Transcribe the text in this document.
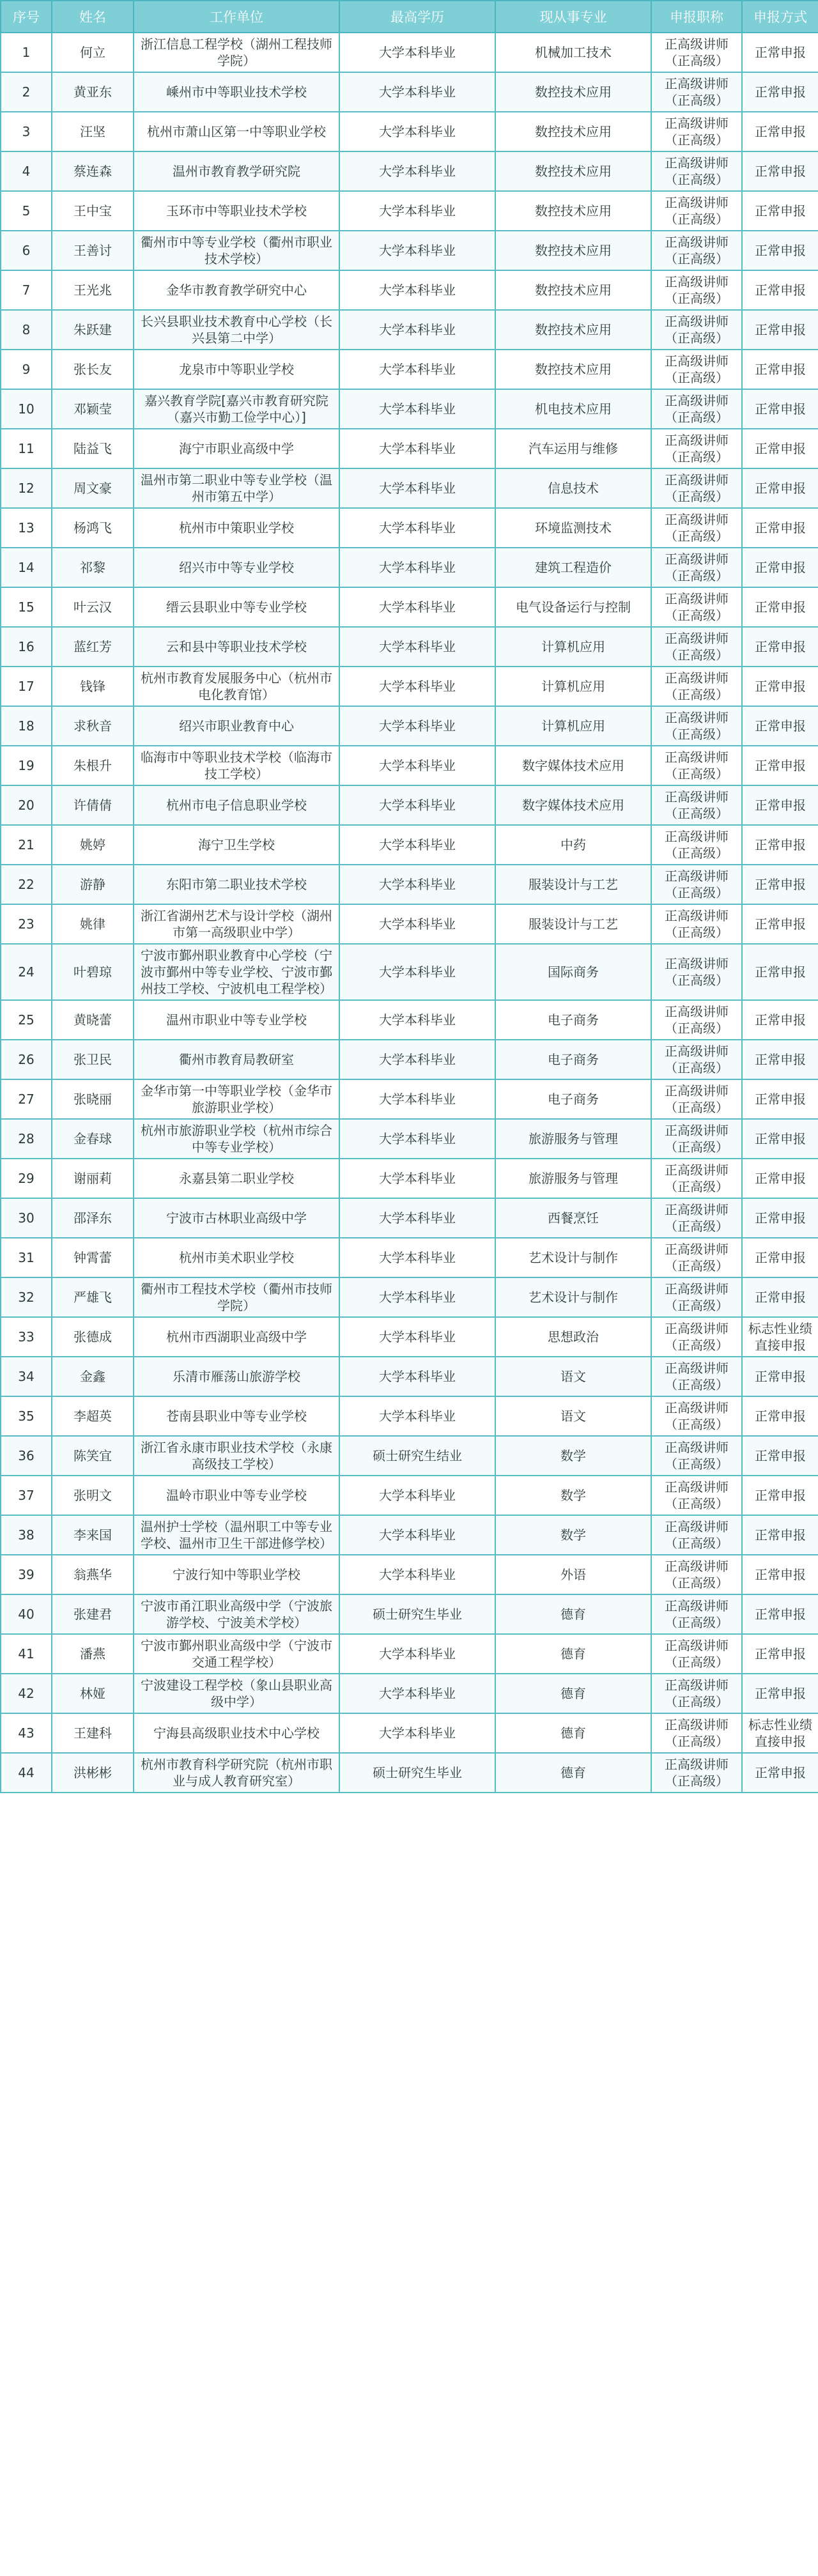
序号	姓名	工作单位	最高学历	现从事专业	申报职称	申报方式
1	何立	浙江信息工程学校（湖州工程技师学院）	大学本科毕业	机械加工技术	正高级讲师（正高级）	正常申报
2	黄亚东	嵊州市中等职业技术学校	大学本科毕业	数控技术应用	正高级讲师（正高级）	正常申报
3	汪坚	杭州市萧山区第一中等职业学校	大学本科毕业	数控技术应用	正高级讲师（正高级）	正常申报
4	蔡连森	温州市教育教学研究院	大学本科毕业	数控技术应用	正高级讲师（正高级）	正常申报
5	王中宝	玉环市中等职业技术学校	大学本科毕业	数控技术应用	正高级讲师（正高级）	正常申报
6	王善讨	衢州市中等专业学校（衢州市职业技术学校）	大学本科毕业	数控技术应用	正高级讲师（正高级）	正常申报
7	王光兆	金华市教育教学研究中心	大学本科毕业	数控技术应用	正高级讲师（正高级）	正常申报
8	朱跃建	长兴县职业技术教育中心学校（长兴县第二中学）	大学本科毕业	数控技术应用	正高级讲师（正高级）	正常申报
9	张长友	龙泉市中等职业学校	大学本科毕业	数控技术应用	正高级讲师（正高级）	正常申报
10	邓颖莹	嘉兴教育学院[嘉兴市教育研究院（嘉兴市勤工俭学中心）]	大学本科毕业	机电技术应用	正高级讲师（正高级）	正常申报
11	陆益飞	海宁市职业高级中学	大学本科毕业	汽车运用与维修	正高级讲师（正高级）	正常申报
12	周文豪	温州市第二职业中等专业学校（温州市第五中学）	大学本科毕业	信息技术	正高级讲师（正高级）	正常申报
13	杨鸿飞	杭州市中策职业学校	大学本科毕业	环境监测技术	正高级讲师（正高级）	正常申报
14	祁黎	绍兴市中等专业学校	大学本科毕业	建筑工程造价	正高级讲师（正高级）	正常申报
15	叶云汉	缙云县职业中等专业学校	大学本科毕业	电气设备运行与控制	正高级讲师（正高级）	正常申报
16	蓝红芳	云和县中等职业技术学校	大学本科毕业	计算机应用	正高级讲师（正高级）	正常申报
17	钱锋	杭州市教育发展服务中心（杭州市电化教育馆）	大学本科毕业	计算机应用	正高级讲师（正高级）	正常申报
18	求秋音	绍兴市职业教育中心	大学本科毕业	计算机应用	正高级讲师（正高级）	正常申报
19	朱根升	临海市中等职业技术学校（临海市技工学校）	大学本科毕业	数字媒体技术应用	正高级讲师（正高级）	正常申报
20	许倩倩	杭州市电子信息职业学校	大学本科毕业	数字媒体技术应用	正高级讲师（正高级）	正常申报
21	姚婷	海宁卫生学校	大学本科毕业	中药	正高级讲师（正高级）	正常申报
22	游静	东阳市第二职业技术学校	大学本科毕业	服装设计与工艺	正高级讲师（正高级）	正常申报
23	姚律	浙江省湖州艺术与设计学校（湖州市第一高级职业中学）	大学本科毕业	服装设计与工艺	正高级讲师（正高级）	正常申报
24	叶碧琼	宁波市鄞州职业教育中心学校（宁波市鄞州中等专业学校、宁波市鄞州技工学校、宁波机电工程学校）	大学本科毕业	国际商务	正高级讲师（正高级）	正常申报
25	黄晓蕾	温州市职业中等专业学校	大学本科毕业	电子商务	正高级讲师（正高级）	正常申报
26	张卫民	衢州市教育局教研室	大学本科毕业	电子商务	正高级讲师（正高级）	正常申报
27	张晓丽	金华市第一中等职业学校（金华市旅游职业学校）	大学本科毕业	电子商务	正高级讲师（正高级）	正常申报
28	金春球	杭州市旅游职业学校（杭州市综合中等专业学校）	大学本科毕业	旅游服务与管理	正高级讲师（正高级）	正常申报
29	谢丽莉	永嘉县第二职业学校	大学本科毕业	旅游服务与管理	正高级讲师（正高级）	正常申报
30	邵泽东	宁波市古林职业高级中学	大学本科毕业	西餐烹饪	正高级讲师（正高级）	正常申报
31	钟霄蕾	杭州市美术职业学校	大学本科毕业	艺术设计与制作	正高级讲师（正高级）	正常申报
32	严雄飞	衢州市工程技术学校（衢州市技师学院）	大学本科毕业	艺术设计与制作	正高级讲师（正高级）	正常申报
33	张德成	杭州市西湖职业高级中学	大学本科毕业	思想政治	正高级讲师（正高级）	标志性业绩直接申报
34	金鑫	乐清市雁荡山旅游学校	大学本科毕业	语文	正高级讲师（正高级）	正常申报
35	李超英	苍南县职业中等专业学校	大学本科毕业	语文	正高级讲师（正高级）	正常申报
36	陈笑宜	浙江省永康市职业技术学校（永康高级技工学校）	硕士研究生结业	数学	正高级讲师（正高级）	正常申报
37	张明文	温岭市职业中等专业学校	大学本科毕业	数学	正高级讲师（正高级）	正常申报
38	李来国	温州护士学校（温州职工中等专业学校、温州市卫生干部进修学校）	大学本科毕业	数学	正高级讲师（正高级）	正常申报
39	翁燕华	宁波行知中等职业学校	大学本科毕业	外语	正高级讲师（正高级）	正常申报
40	张建君	宁波市甬江职业高级中学（宁波旅游学校、宁波美术学校）	硕士研究生毕业	德育	正高级讲师（正高级）	正常申报
41	潘燕	宁波市鄞州职业高级中学（宁波市交通工程学校）	大学本科毕业	德育	正高级讲师（正高级）	正常申报
42	林娅	宁波建设工程学校（象山县职业高级中学）	大学本科毕业	德育	正高级讲师（正高级）	正常申报
43	王建科	宁海县高级职业技术中心学校	大学本科毕业	德育	正高级讲师（正高级）	标志性业绩直接申报
44	洪彬彬	杭州市教育科学研究院（杭州市职业与成人教育研究室）	硕士研究生毕业	德育	正高级讲师（正高级）	正常申报
